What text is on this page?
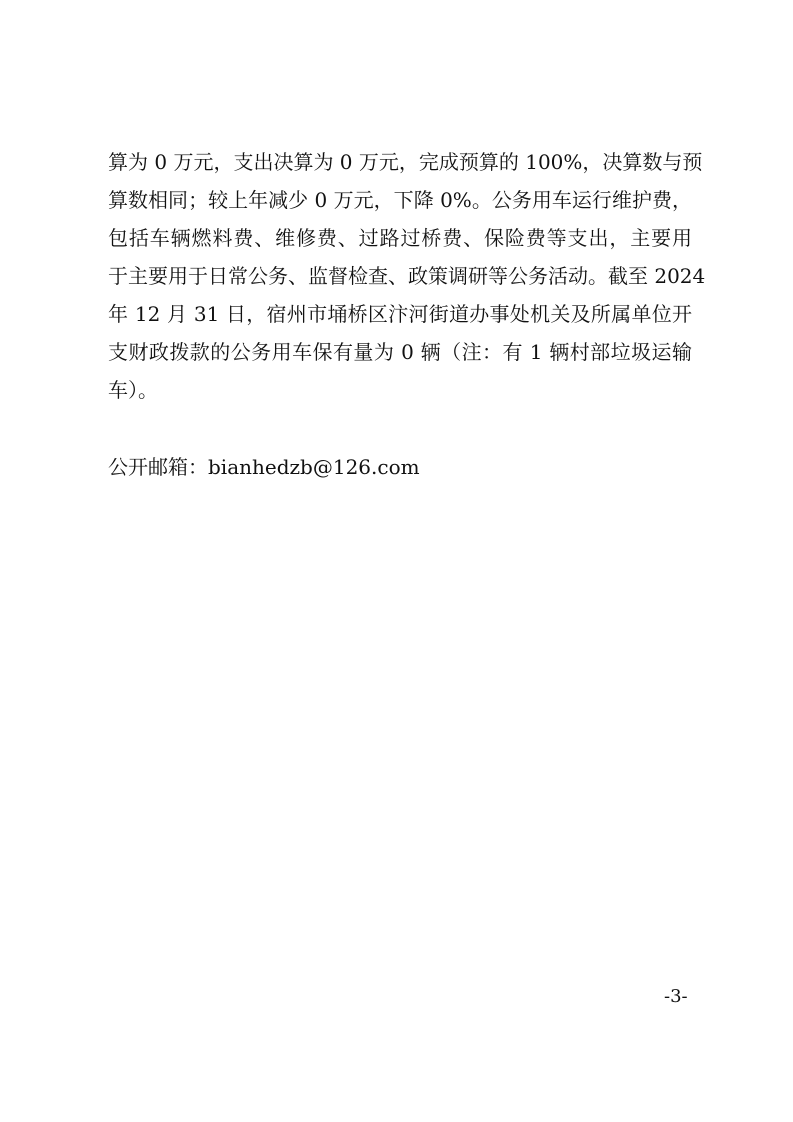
算为 0 万元，支出决算为 0 万元，完成预算的 100%，决算数与预
算数相同；较上年减少 0 万元，下降 0%。公务用车运行维护费，
包括车辆燃料费、维修费、过路过桥费、保险费等支出，主要用
于主要用于日常公务、监督检查、政策调研等公务活动。截至 2024
年 12 月 31 日，宿州市埇桥区汴河街道办事处机关及所属单位开
支财政拨款的公务用车保有量为 0 辆（注：有 1 辆村部垃圾运输
车）。
公开邮箱：bianhedzb@126.com
-3-
